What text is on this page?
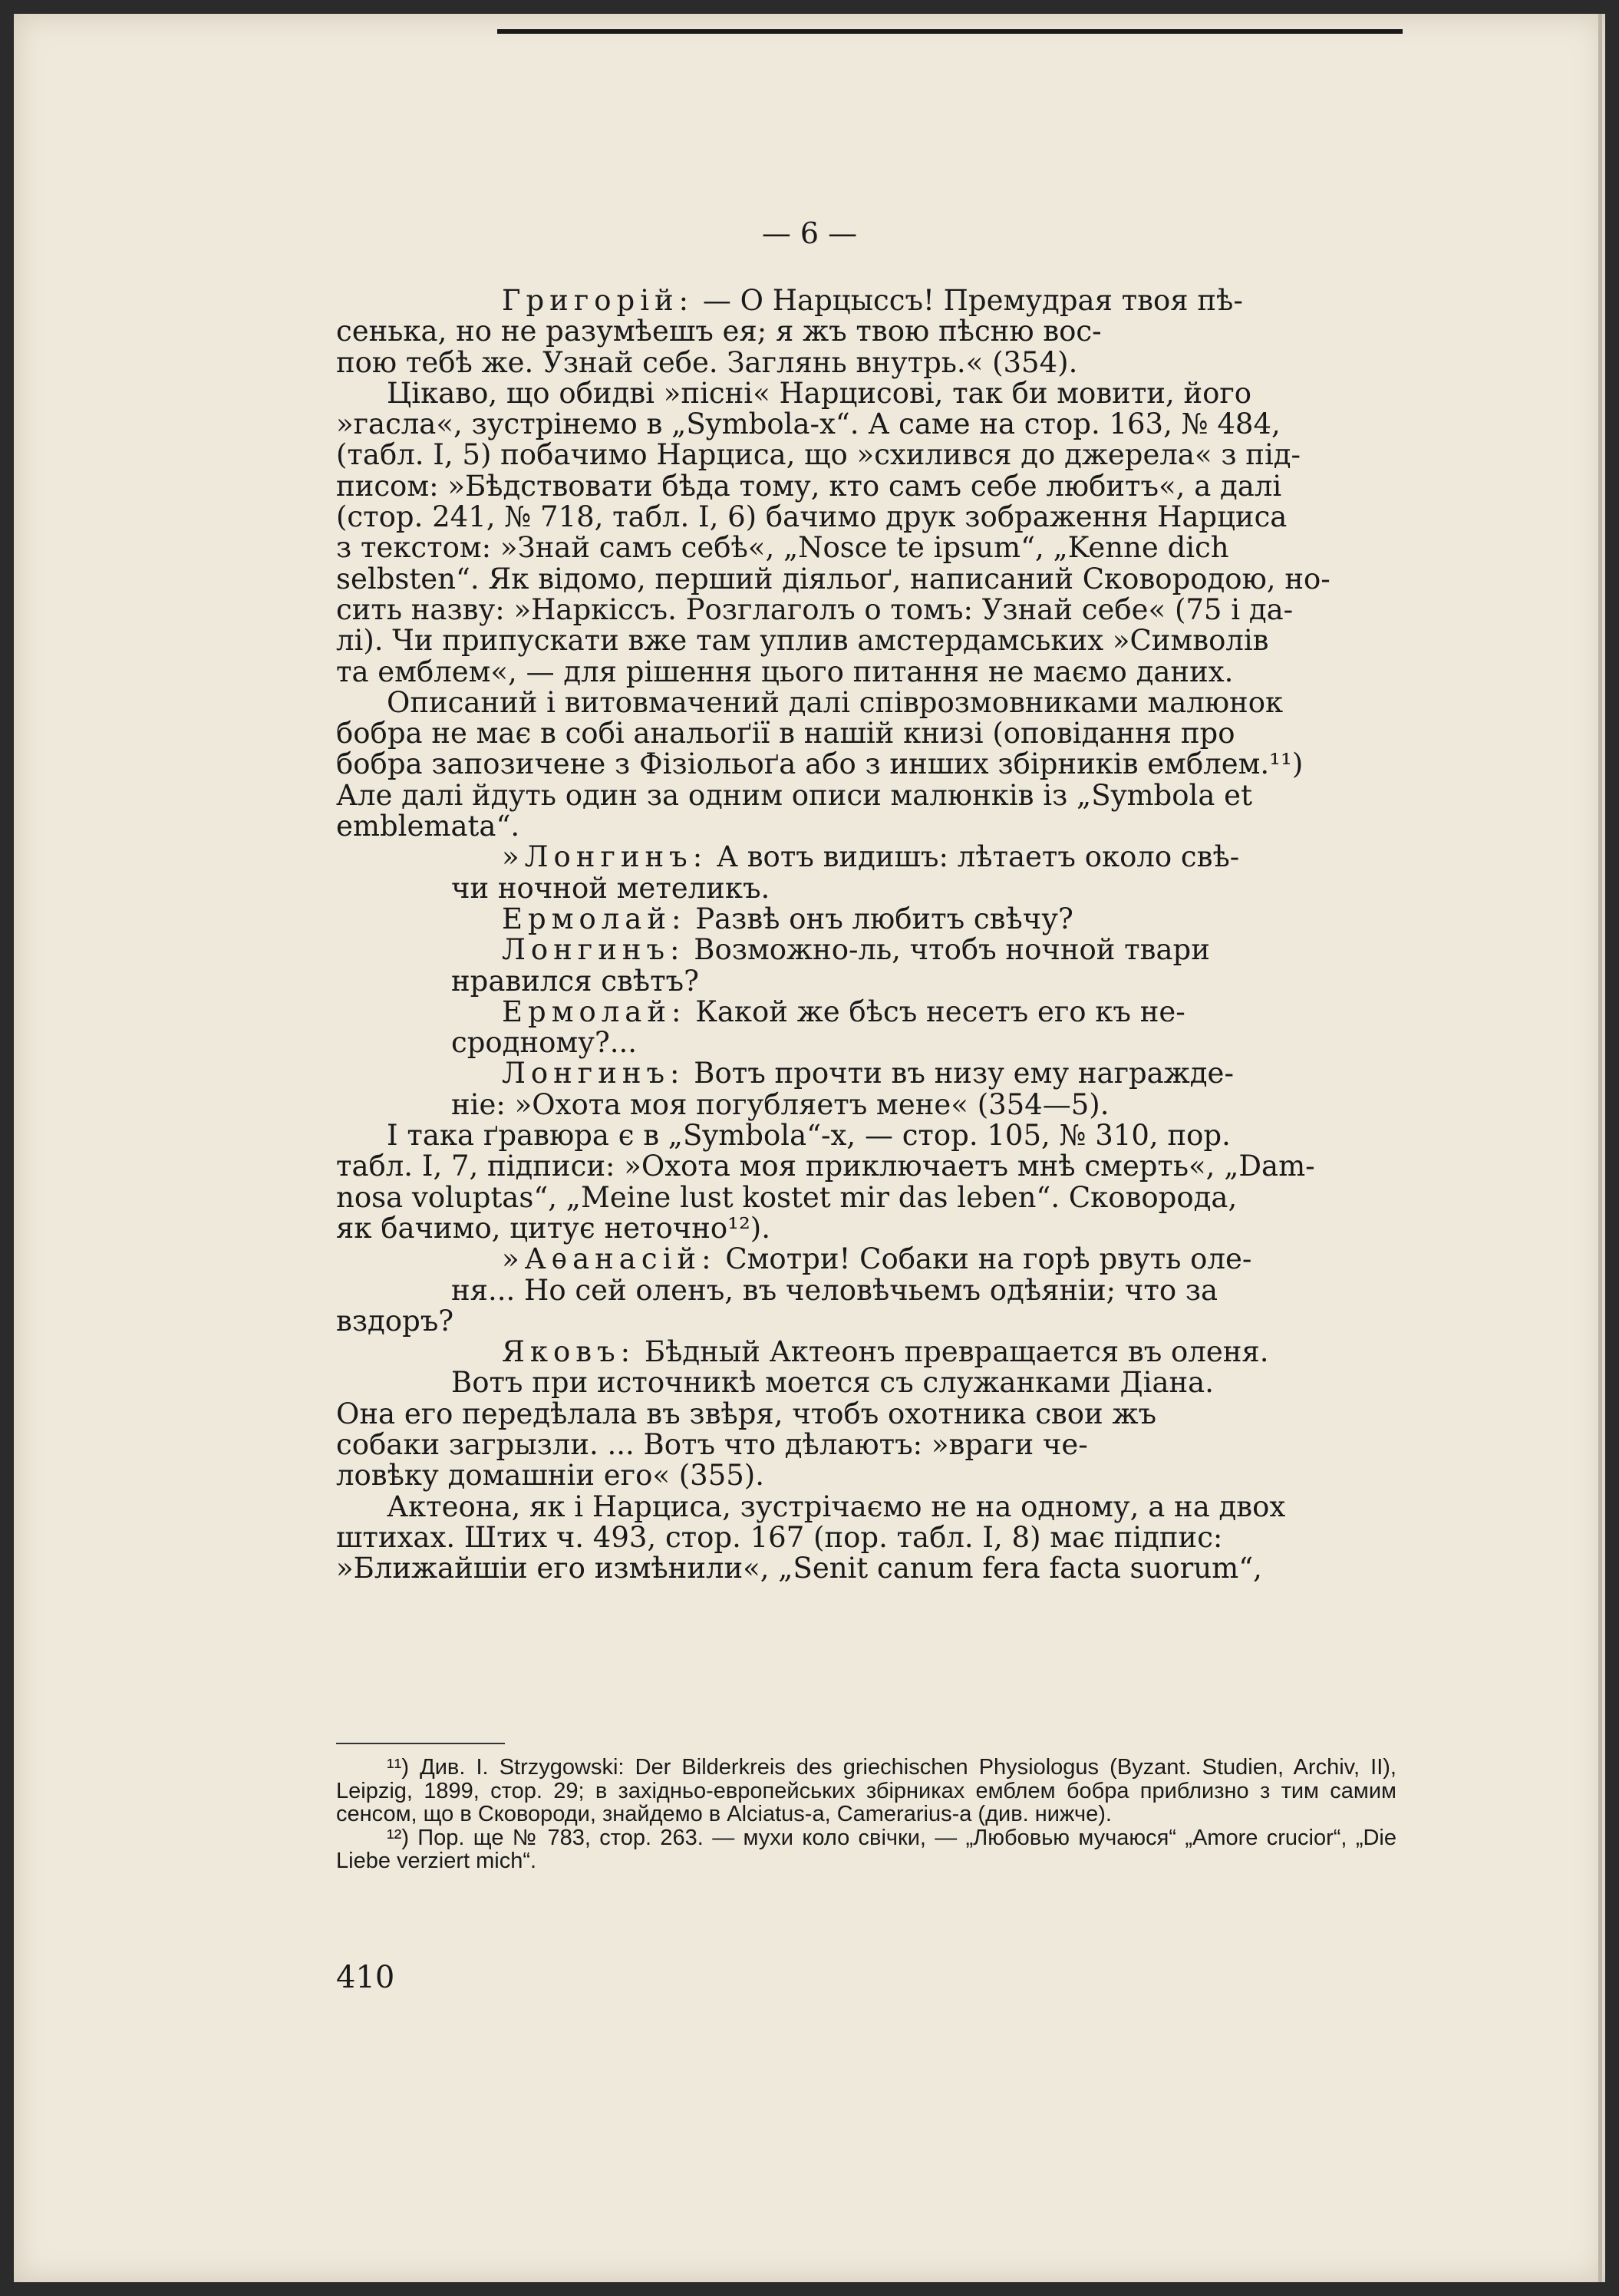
— 6 —

Григорій: — О Нарцыссъ! Премудрая твоя пѣ-

сенька, но не разумѣешъ ея; я жъ твою пѣсню вос-

пою тебѣ же. Узнай себе. Заглянь внутрь.« (354).

Цікаво, що обидві »пісні« Нарцисові, так би мовити, його

»гасла«, зустрінемо в „Symbola-х“. А саме на стор. 163, № 484,

(табл. I, 5) побачимо Нарциса, що »схилився до джерела« з під-

писом: »Бѣдствовати бѣда тому, кто самъ себе любитъ«, а далі

(стор. 241, № 718, табл. I, 6) бачимо друк зображення Нарциса

з текстом: »Знай самъ себѣ«, „Nosce te ipsum“, „Kenne dich

selbsten“. Як відомо, перший діяльоґ, написаний Сковородою, но-

сить назву: »Наркіссъ. Розглаголъ о томъ: Узнай себе« (75 і да-

лі). Чи припускати вже там уплив амстердамських »Символів

та емблем«, — для рішення цього питання не маємо даних.

Описаний і витовмачений далі співрозмовниками малюнок

бобра не має в собі анальоґії в нашій книзі (оповідання про

бобра запозичене з Фізіольоґа або з инших збірників емблем.¹¹)

Але далі йдуть один за одним описи малюнків із „Symbola et

emblemata“.

»Лонгинъ: А вотъ видишъ: лѣтаетъ около свѣ-

чи ночной метеликъ.

Ермолай: Развѣ онъ любитъ свѣчу?

Лонгинъ: Возможно-ль, чтобъ ночной твари

нравился свѣтъ?

Ермолай: Какой же бѣсъ несетъ его къ не-

сродному?...

Лонгинъ: Вотъ прочти въ низу ему награжде-

ніе: »Охота моя погубляетъ мене« (354—5).

І така ґравюра є в „Symbola“-х, — стор. 105, № 310, пор.

табл. I, 7, підписи: »Охота моя приключаетъ мнѣ смерть«, „Dam-

nosa voluptas“, „Meine lust kostet mir das leben“. Сковорода,

як бачимо, цитує неточно¹²).

»Аѳанасій: Смотри! Собаки на горѣ рвуть оле-

ня... Но сей оленъ, въ человѣчьемъ одѣяніи; что за
вздоръ?

Яковъ: Бѣдный Актеонъ превращается въ оленя.

Вотъ при источникѣ моется съ служанками Діана.
Она его передѣлала въ звѣря, чтобъ охотника свои жъ
собаки загрызли. ... Вотъ что дѣлаютъ: »враги че-
ловѣку домашніи его« (355).

Актеона, як і Нарциса, зустрічаємо не на одному, а на двох

штихах. Штих ч. 493, стор. 167 (пор. табл. I, 8) має підпис:

»Ближайшіи его измѣнили«, „Senit canum fera facta suorum“,

¹¹) Див. I. Strzygowski: Der Bilderkreis des griechischen Physiologus (Byzant. Studien, Archiv, II), Leipzig, 1899, стор. 29; в західньо-европейських збірниках емблем бобра приблизно з тим самим сенсом, що в Сковороди, знайдемо в Alciatus-a, Camerarius-a (див. нижче).

¹²) Пор. ще № 783, стор. 263. — мухи коло свічки, — „Любовью мучаюся“ „Amore crucior“, „Die Liebe verziert mich“.

410
